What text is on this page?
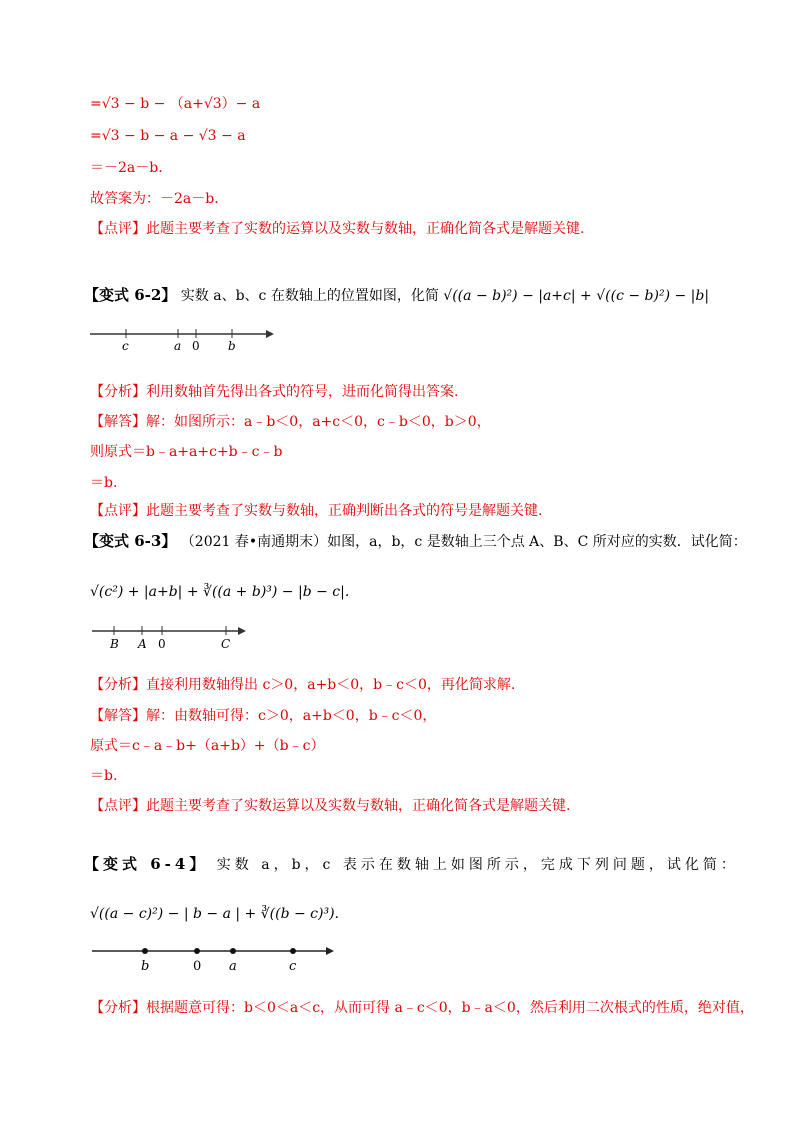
=√3 − b − （a+√3）− a
=√3 − b − a − √3 − a
＝－2a－b.
故答案为：－2a－b.
【点评】此题主要考查了实数的运算以及实数与数轴，正确化简各式是解题关键.
【变式 6-2】 实数 a、b、c 在数轴上的位置如图，化简 √((a − b)²) − |a+c| + √((c − b)²) − |b|
c	a 0 b
【分析】利用数轴首先得出各式的符号，进而化简得出答案.
【解答】解：如图所示：a﹣b＜0，a+c＜0，c﹣b＜0，b＞0，
则原式＝b﹣a+a+c+b﹣c﹣b
＝b.
【点评】此题主要考查了实数与数轴，正确判断出各式的符号是解题关键.
【变式 6-3】 （2021 春•南通期末）如图，a，b，c 是数轴上三个点 A、B、C 所对应的实数．试化简：
√(c²) + |a+b| + ∛((a + b)³) − |b − c|.
B A 0	C
【分析】直接利用数轴得出 c＞0，a+b＜0，b﹣c＜0，再化简求解.
【解答】解：由数轴可得：c＞0，a+b＜0，b﹣c＜0，
原式＝c﹣a﹣b+（a+b）+（b﹣c）
＝b.
【点评】此题主要考查了实数运算以及实数与数轴，正确化简各式是解题关键.
【变式 6-4】 实数 a，b，c 表示在数轴上如图所示，完成下列问题，试化简：
√((a − c)²) − | b − a | + ∛((b − c)³).
b	0 a	c
【分析】根据题意可得：b＜0＜a＜c，从而可得 a﹣c＜0，b﹣a＜0，然后利用二次根式的性质，绝对值，
